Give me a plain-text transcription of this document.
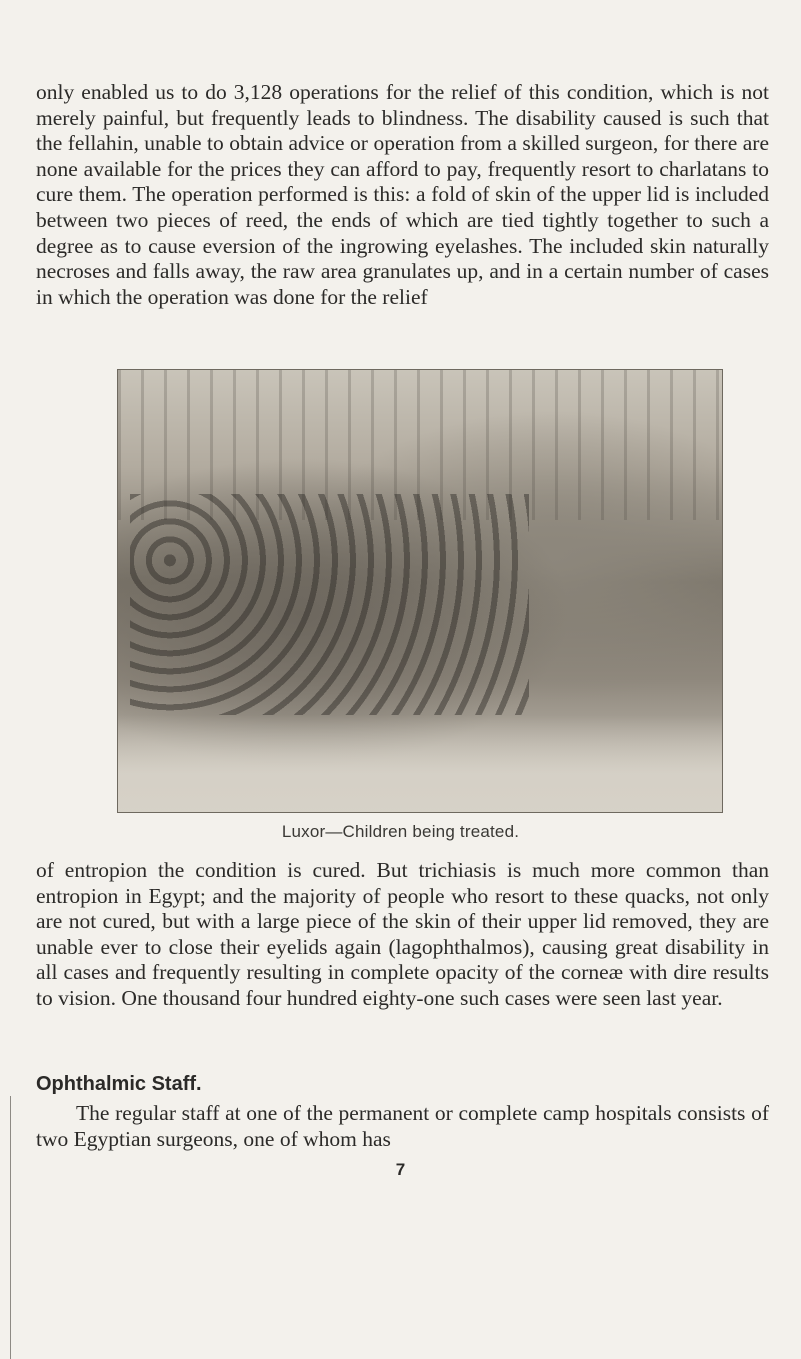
only enabled us to do 3,128 operations for the relief of this condition, which is not merely painful, but frequently leads to blindness. The disability caused is such that the fellahin, unable to obtain advice or operation from a skilled surgeon, for there are none available for the prices they can afford to pay, frequently resort to charlatans to cure them. The operation performed is this: a fold of skin of the upper lid is included between two pieces of reed, the ends of which are tied tightly together to such a degree as to cause eversion of the ingrowing eyelashes. The included skin naturally necroses and falls away, the raw area granulates up, and in a certain number of cases in which the operation was done for the relief

Luxor—Children being treated.

of entropion the condition is cured. But trichiasis is much more common than entropion in Egypt; and the majority of people who resort to these quacks, not only are not cured, but with a large piece of the skin of their upper lid removed, they are unable ever to close their eyelids again (lagophthalmos), causing great disability in all cases and frequently resulting in complete opacity of the corneæ with dire results to vision. One thousand four hundred eighty-one such cases were seen last year.

Ophthalmic Staff.

The regular staff at one of the permanent or complete camp hospitals consists of two Egyptian surgeons, one of whom has

7
